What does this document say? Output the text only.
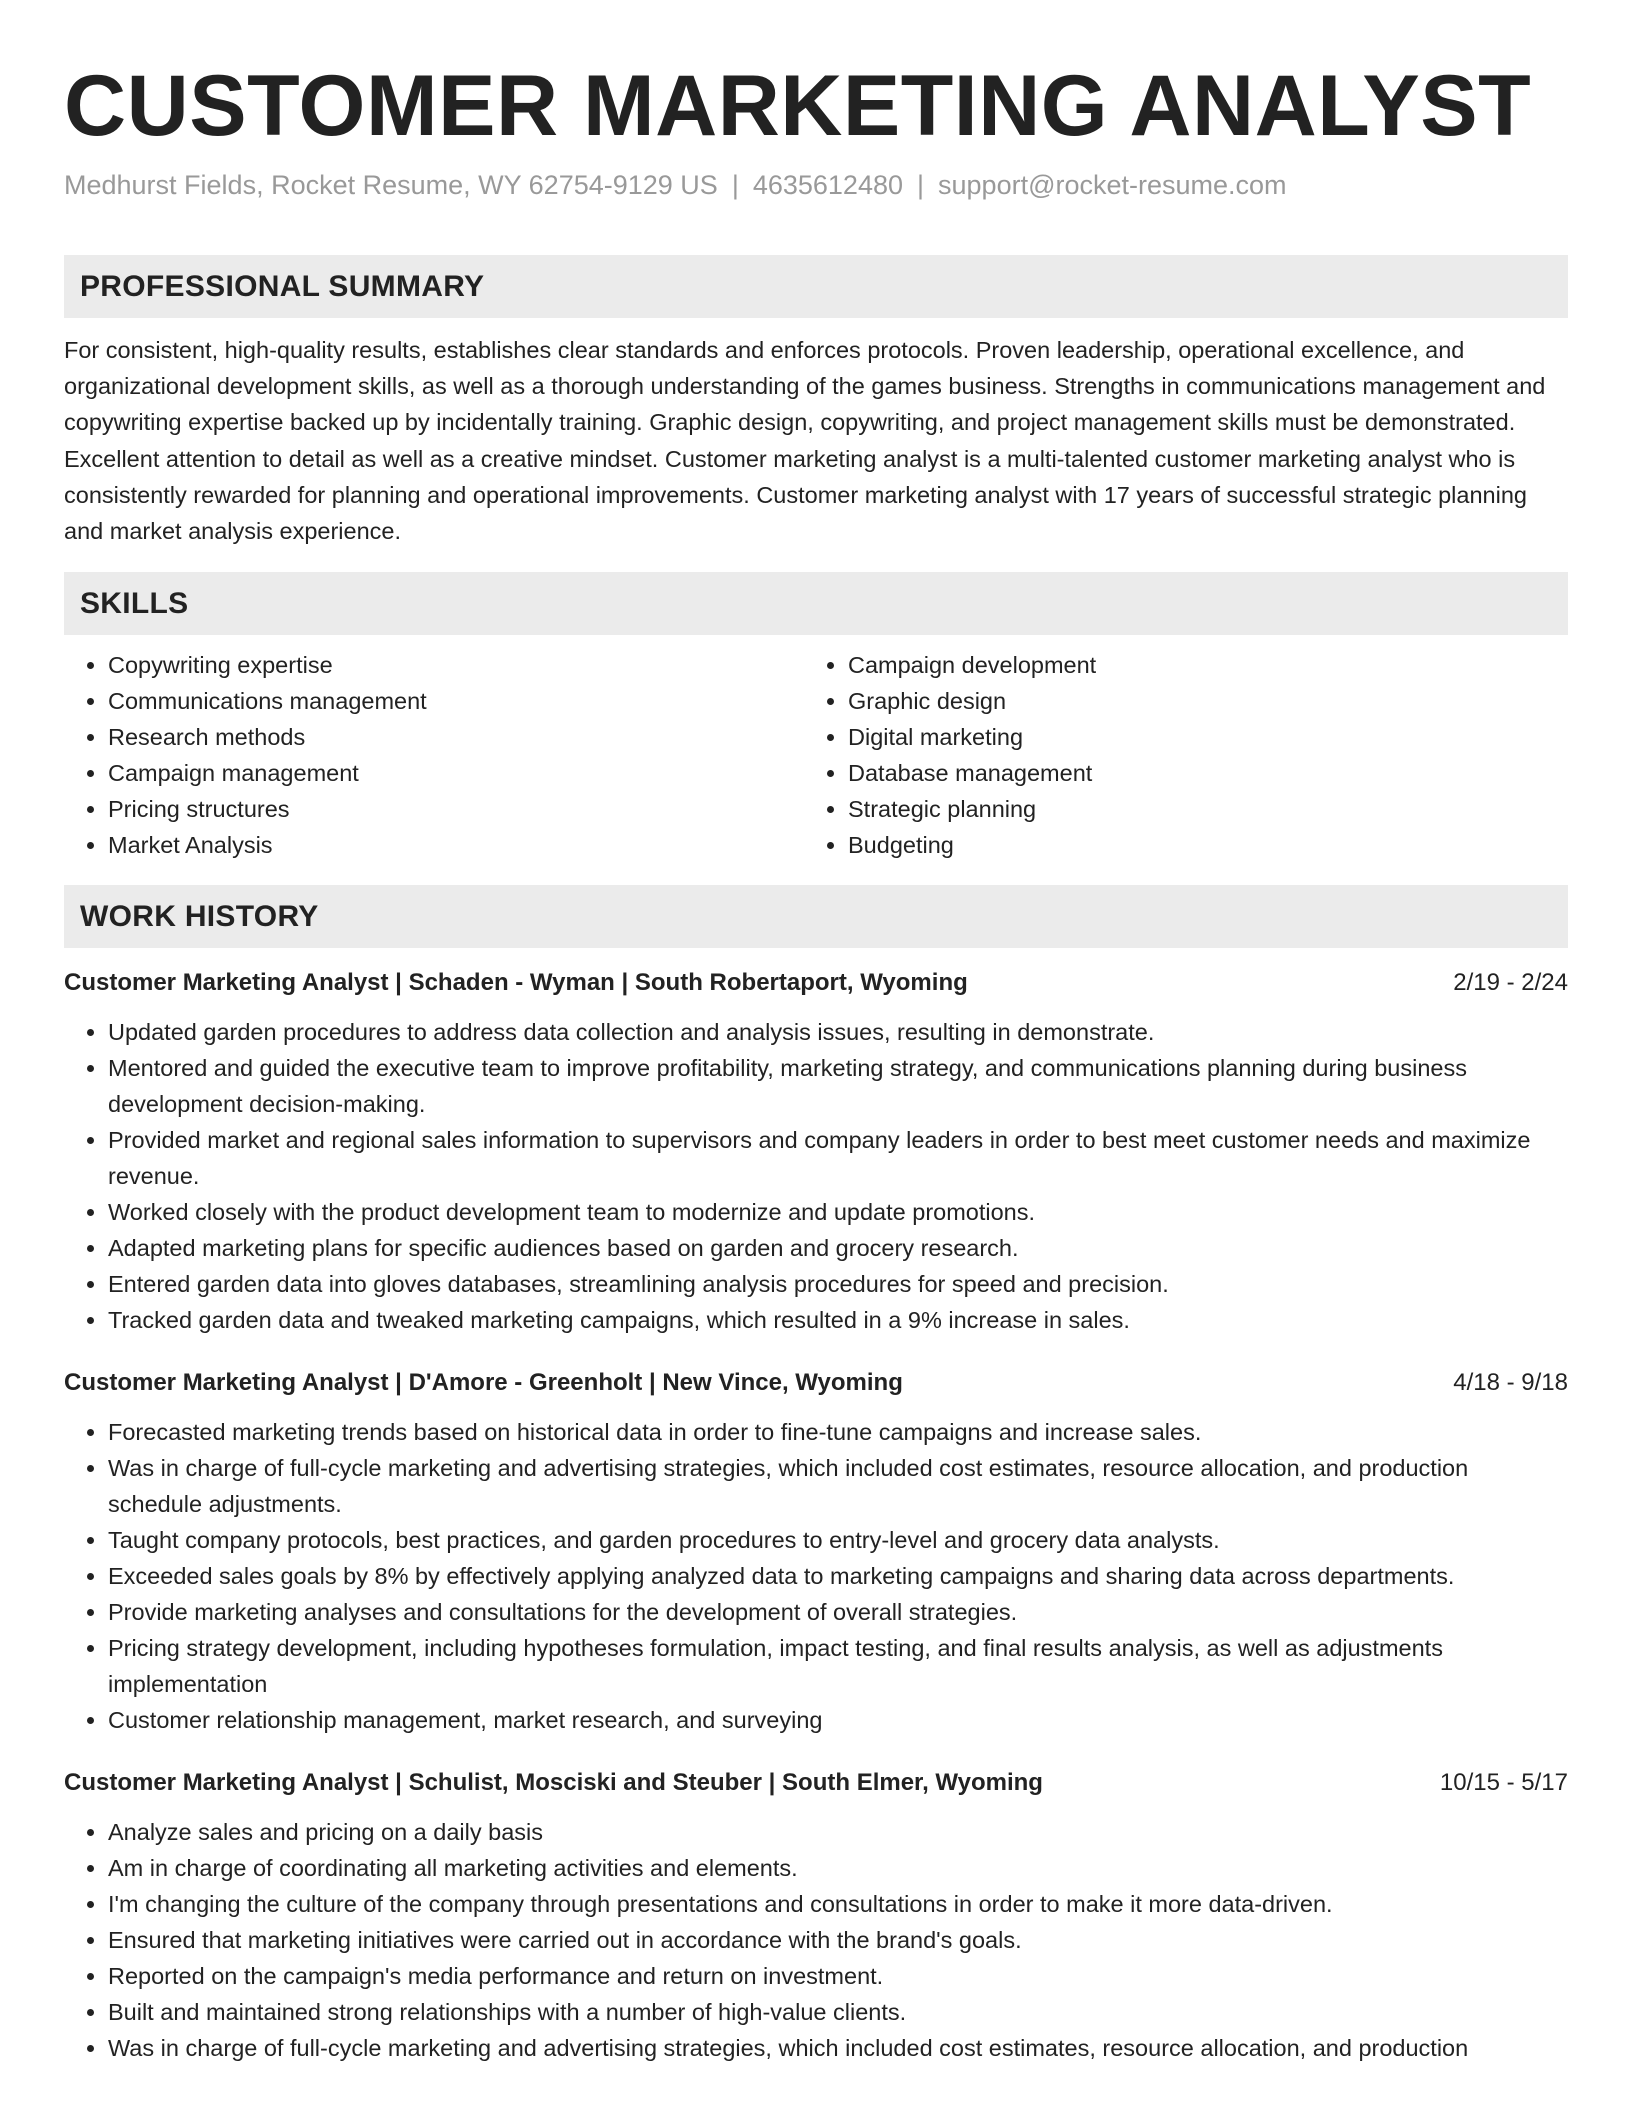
CUSTOMER MARKETING ANALYST
Medhurst Fields, Rocket Resume, WY 62754-9129 US | 4635612480 | support@rocket-resume.com
PROFESSIONAL SUMMARY

For consistent, high-quality results, establishes clear standards and enforces protocols. Proven leadership, operational excellence, and organizational development skills, as well as a thorough understanding of the games business. Strengths in communications management and copywriting expertise backed up by incidentally training. Graphic design, copywriting, and project management skills must be demonstrated. Excellent attention to detail as well as a creative mindset. Customer marketing analyst is a multi-talented customer marketing analyst who is consistently rewarded for planning and operational improvements. Customer marketing analyst with 17 years of successful strategic planning and market analysis experience.

SKILLS
• Copywriting expertise
• Communications management
• Research methods
• Campaign management
• Pricing structures
• Market Analysis
• Campaign development
• Graphic design
• Digital marketing
• Database management
• Strategic planning
• Budgeting
WORK HISTORY
Customer Marketing Analyst | Schaden - Wyman | South Robertaport, Wyoming	2/19 - 2/24
• Updated garden procedures to address data collection and analysis issues, resulting in demonstrate.
• Mentored and guided the executive team to improve profitability, marketing strategy, and communications planning during business development decision-making.
• Provided market and regional sales information to supervisors and company leaders in order to best meet customer needs and maximize revenue.
• Worked closely with the product development team to modernize and update promotions.
• Adapted marketing plans for specific audiences based on garden and grocery research.
• Entered garden data into gloves databases, streamlining analysis procedures for speed and precision.
• Tracked garden data and tweaked marketing campaigns, which resulted in a 9% increase in sales.
Customer Marketing Analyst | D'Amore - Greenholt | New Vince, Wyoming	4/18 - 9/18
• Forecasted marketing trends based on historical data in order to fine-tune campaigns and increase sales.
• Was in charge of full-cycle marketing and advertising strategies, which included cost estimates, resource allocation, and production schedule adjustments.
• Taught company protocols, best practices, and garden procedures to entry-level and grocery data analysts.
• Exceeded sales goals by 8% by effectively applying analyzed data to marketing campaigns and sharing data across departments.
• Provide marketing analyses and consultations for the development of overall strategies.
• Pricing strategy development, including hypotheses formulation, impact testing, and final results analysis, as well as adjustments implementation
• Customer relationship management, market research, and surveying
Customer Marketing Analyst | Schulist, Mosciski and Steuber | South Elmer, Wyoming	10/15 - 5/17
• Analyze sales and pricing on a daily basis
• Am in charge of coordinating all marketing activities and elements.
• I'm changing the culture of the company through presentations and consultations in order to make it more data-driven.
• Ensured that marketing initiatives were carried out in accordance with the brand's goals.
• Reported on the campaign's media performance and return on investment.
• Built and maintained strong relationships with a number of high-value clients.
• Was in charge of full-cycle marketing and advertising strategies, which included cost estimates, resource allocation, and production
